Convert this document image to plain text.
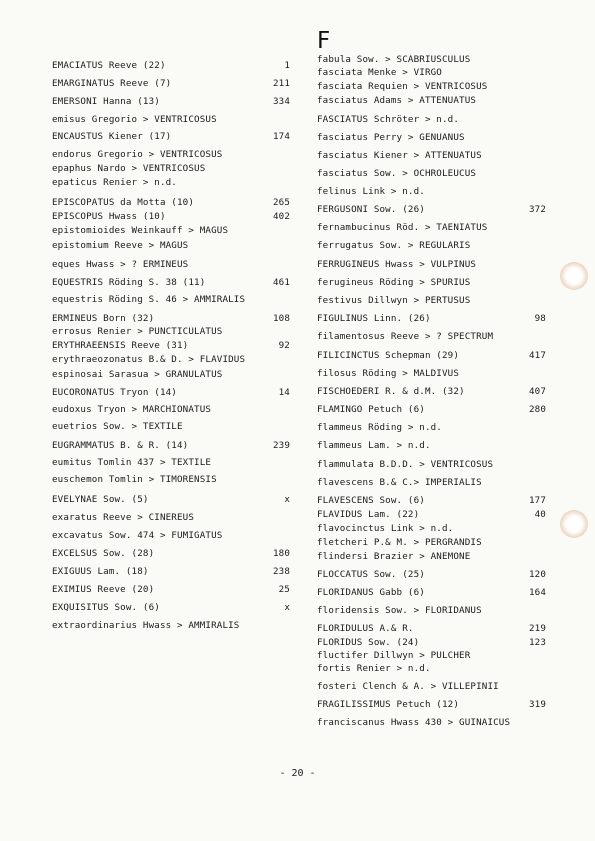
F
EMACIATUS Reeve (22)	1
EMARGINATUS Reeve (7)	211
EMERSONI Hanna (13)	334
emisus Gregorio > VENTRICOSUS
ENCAUSTUS Kiener (17)	174
endorus Gregorio > VENTRICOSUS
epaphus Nardo > VENTRICOSUS
epaticus Renier > n.d.
EPISCOPATUS da Motta (10)	265
EPISCOPUS Hwass (10)	402
epistomioides Weinkauff > MAGUS
epistomium Reeve > MAGUS
eques Hwass > ? ERMINEUS
EQUESTRIS Röding S. 38 (11)	461
equestris Röding S. 46 > AMMIRALIS
ERMINEUS Born (32)	108
errosus Renier > PUNCTICULATUS
ERYTHRAEENSIS Reeve (31)	92
erythraeozonatus B.& D. > FLAVIDUS
espinosai Sarasua > GRANULATUS
EUCORONATUS Tryon (14)	14
eudoxus Tryon > MARCHIONATUS
euetrios Sow. > TEXTILE
EUGRAMMATUS B. & R. (14)	239
eumitus Tomlin 437 > TEXTILE
euschemon Tomlin > TIMORENSIS
EVELYNAE Sow. (5)	x
exaratus Reeve > CINEREUS
excavatus Sow. 474 > FUMIGATUS
EXCELSUS Sow. (28)	180
EXIGUUS Lam. (18)	238
EXIMIUS Reeve (20)	25
EXQUISITUS Sow. (6)	x
extraordinarius Hwass > AMMIRALIS
fabula Sow. > SCABRIUSCULUS
fasciata Menke > VIRGO
fasciata Requien > VENTRICOSUS
fasciatus Adams > ATTENUATUS
FASCIATUS Schröter > n.d.
fasciatus Perry > GENUANUS
fasciatus Kiener > ATTENUATUS
fasciatus Sow. > OCHROLEUCUS
felinus Link > n.d.
FERGUSONI Sow. (26)	372
fernambucinus Röd. > TAENIATUS
ferrugatus Sow. > REGULARIS
FERRUGINEUS Hwass > VULPINUS
ferugineus Röding > SPURIUS
festivus Dillwyn > PERTUSUS
FIGULINUS Linn. (26)	98
filamentosus Reeve > ? SPECTRUM
FILICINCTUS Schepman (29)	417
filosus Röding > MALDIVUS
FISCHOEDERI R. & d.M. (32)	407
FLAMINGO Petuch (6)	280
flammeus Röding > n.d.
flammeus Lam. > n.d.
flammulata B.D.D. > VENTRICOSUS
flavescens B.& C.> IMPERIALIS
FLAVESCENS Sow. (6)	177
FLAVIDUS Lam. (22)	40
flavocinctus Link > n.d.
fletcheri P.& M. > PERGRANDIS
flindersi Brazier > ANEMONE
FLOCCATUS Sow. (25)	120
FLORIDANUS Gabb (6)	164
floridensis Sow. > FLORIDANUS
FLORIDULUS A.& R.	219
FLORIDUS Sow. (24)	123
fluctifer Dillwyn > PULCHER
fortis Renier > n.d.
fosteri Clench & A. > VILLEPINII
FRAGILISSIMUS Petuch (12)	319
franciscanus Hwass 430 > GUINAICUS
- 20 -
